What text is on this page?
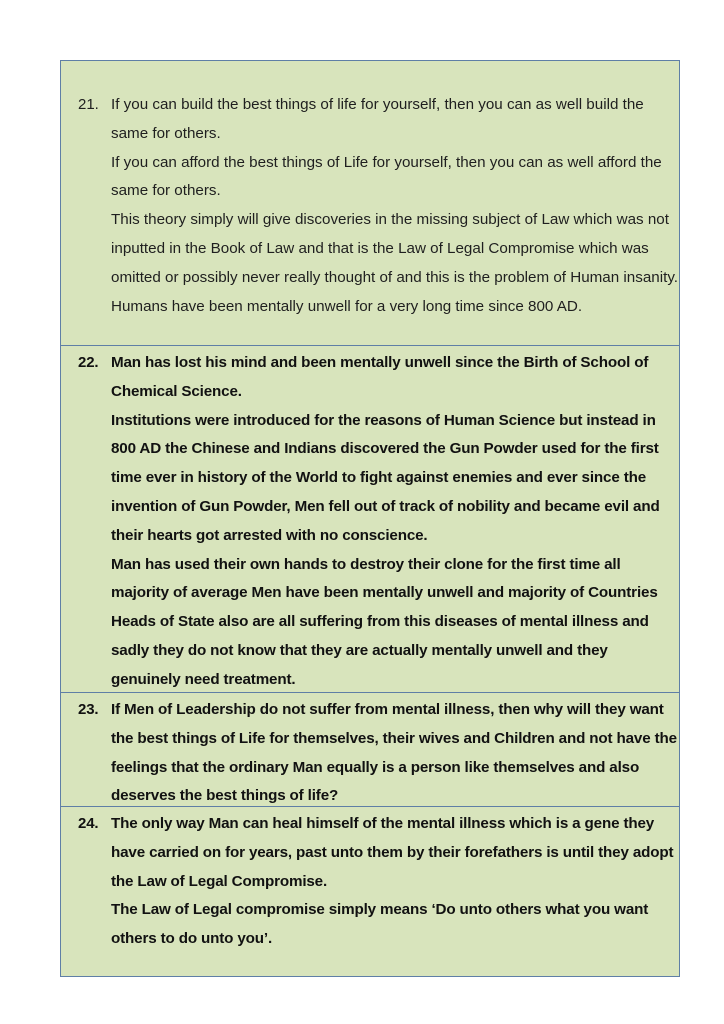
21. If you can build the best things of life for yourself, then you can as well build the same for others.

If you can afford the best things of Life for yourself, then you can as well afford the same for others.

This theory simply will give discoveries in the missing subject of Law which was not inputted in the Book of Law and that is the Law of Legal Compromise which was omitted or possibly never really thought of and this is the problem of Human insanity.

Humans have been mentally unwell for a very long time since 800 AD.

22. Man has lost his mind and been mentally unwell since the Birth of School of Chemical Science.

Institutions were introduced for the reasons of Human Science but instead in 800 AD the Chinese and Indians discovered the Gun Powder used for the first time ever in history of the World to fight against enemies and ever since the invention of Gun Powder, Men fell out of track of nobility and became evil and their hearts got arrested with no conscience.

Man has used their own hands to destroy their clone for the first time all majority of average Men have been mentally unwell and majority of Countries Heads of State also are all suffering from this diseases of mental illness and sadly they do not know that they are actually mentally unwell and they genuinely need treatment.

23. If Men of Leadership do not suffer from mental illness, then why will they want the best things of Life for themselves, their wives and Children and not have the feelings that the ordinary Man equally is a person like themselves and also deserves the best things of life?

24. The only way Man can heal himself of the mental illness which is a gene they have carried on for years, past unto them by their forefathers is until they adopt the Law of Legal Compromise.

The Law of Legal compromise simply means ‘Do unto others what you want others to do unto you’.
